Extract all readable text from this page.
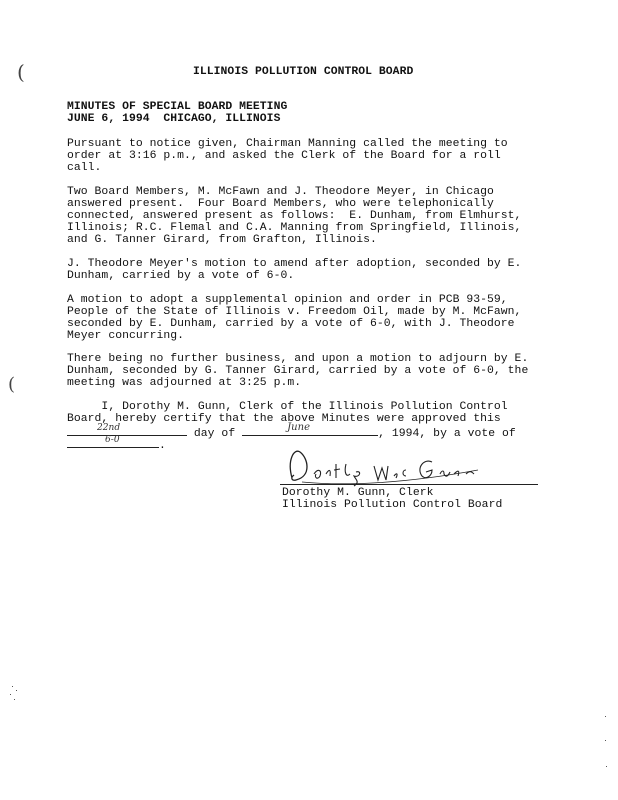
(
(
ILLINOIS POLLUTION CONTROL BOARD
MINUTES OF SPECIAL BOARD MEETING
JUNE 6, 1994  CHICAGO, ILLINOIS
Pursuant to notice given, Chairman Manning called the meeting to
order at 3:16 p.m., and asked the Clerk of the Board for a roll
call.
Two Board Members, M. McFawn and J. Theodore Meyer, in Chicago
answered present.  Four Board Members, who were telephonically
connected, answered present as follows:  E. Dunham, from Elmhurst,
Illinois; R.C. Flemal and C.A. Manning from Springfield, Illinois,
and G. Tanner Girard, from Grafton, Illinois.
J. Theodore Meyer's motion to amend after adoption, seconded by E.
Dunham, carried by a vote of 6-0.
A motion to adopt a supplemental opinion and order in PCB 93-59,
People of the State of Illinois v. Freedom Oil, made by M. McFawn,
seconded by E. Dunham, carried by a vote of 6-0, with J. Theodore
Meyer concurring.
There being no further business, and upon a motion to adjourn by E.
Dunham, seconded by G. Tanner Girard, carried by a vote of 6-0, the
meeting was adjourned at 3:25 p.m.
I, Dorothy M. Gunn, Clerk of the Illinois Pollution Control
Board, hereby certify that the above Minutes were approved this
22nd	day of
June
, 1994, by a vote of
6-0	.
Dorothy M. Gunn, Clerk
Illinois Pollution Control Board
